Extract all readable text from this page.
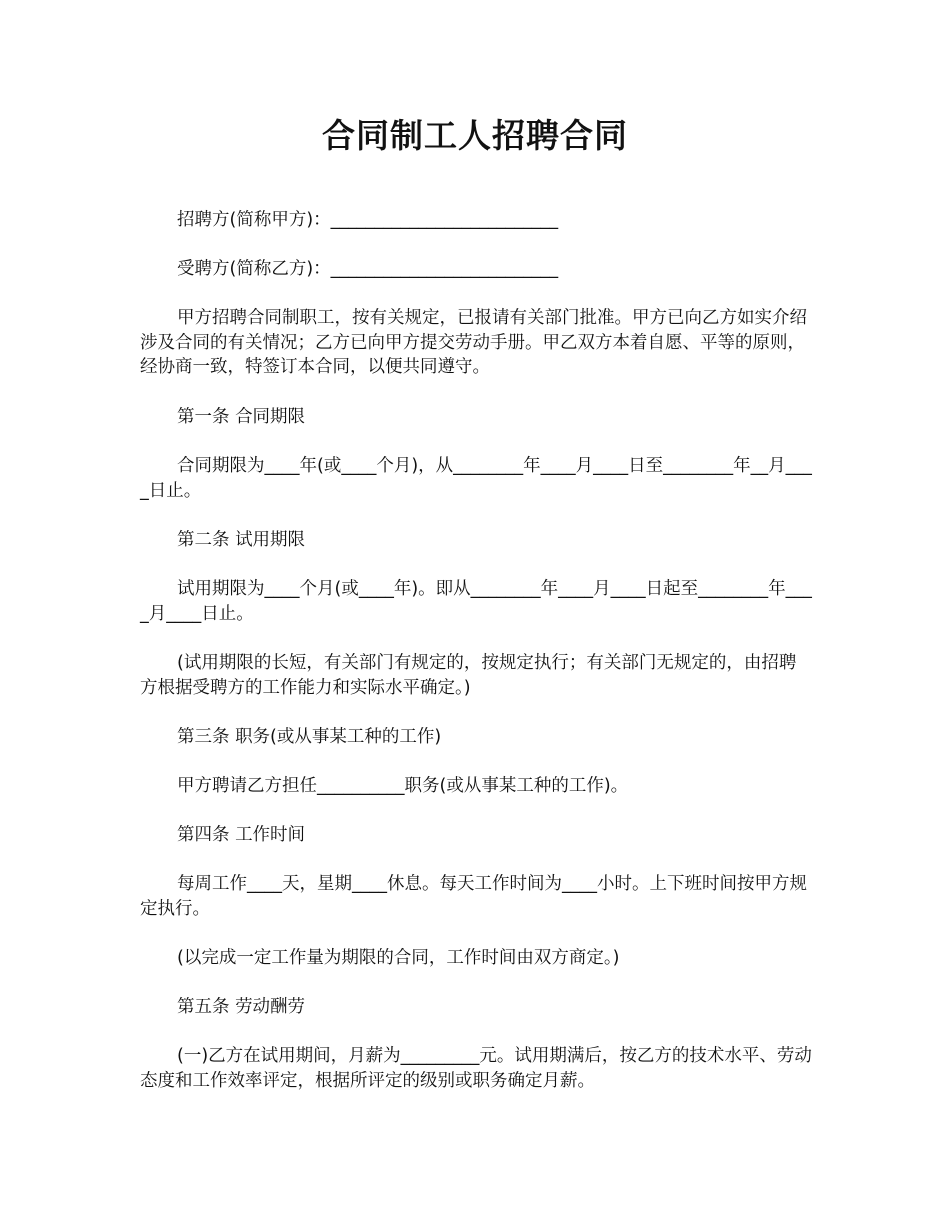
合同制工人招聘合同

招聘方(简称甲方)：__________________________

受聘方(简称乙方)：__________________________

甲方招聘合同制职工，按有关规定，已报请有关部门批准。甲方已向乙方如实介绍涉及合同的有关情况；乙方已向甲方提交劳动手册。甲乙双方本着自愿、平等的原则，经协商一致，特签订本合同，以便共同遵守。

第一条 合同期限

合同期限为____年(或____个月)，从________年____月____日至________年__月____日止。

第二条 试用期限

试用期限为____个月(或____年)。即从________年____月____日起至________年____月____日止。

(试用期限的长短，有关部门有规定的，按规定执行；有关部门无规定的，由招聘方根据受聘方的工作能力和实际水平确定。)

第三条 职务(或从事某工种的工作)

甲方聘请乙方担任__________职务(或从事某工种的工作)。

第四条 工作时间

每周工作____天，星期____休息。每天工作时间为____小时。上下班时间按甲方规定执行。

(以完成一定工作量为期限的合同，工作时间由双方商定。)

第五条 劳动酬劳

(一)乙方在试用期间，月薪为_________元。试用期满后，按乙方的技术水平、劳动态度和工作效率评定，根据所评定的级别或职务确定月薪。
